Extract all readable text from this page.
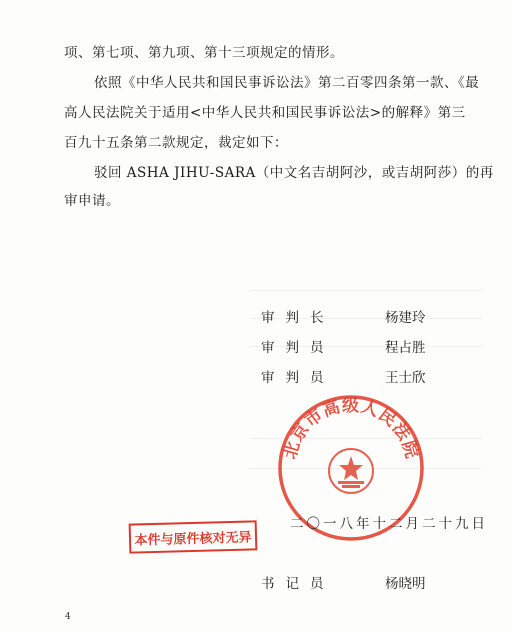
项、第七项、第九项、第十三项规定的情形。
依照《中华人民共和国民事诉讼法》第二百零四条第一款、《最
高人民法院关于适用<中华人民共和国民事诉讼法>的解释》第三
百九十五条第二款规定，裁定如下：
驳回 ASHA JIHU-SARA（中文名吉胡阿沙，或吉胡阿莎）的再
审申请。
审判长	杨建玲
审判员	程占胜
审判员	王士欣
北京市高级人民法院
二〇一八年十二月二十九日
本件与原件核对无异
书记员	杨晓明
4
